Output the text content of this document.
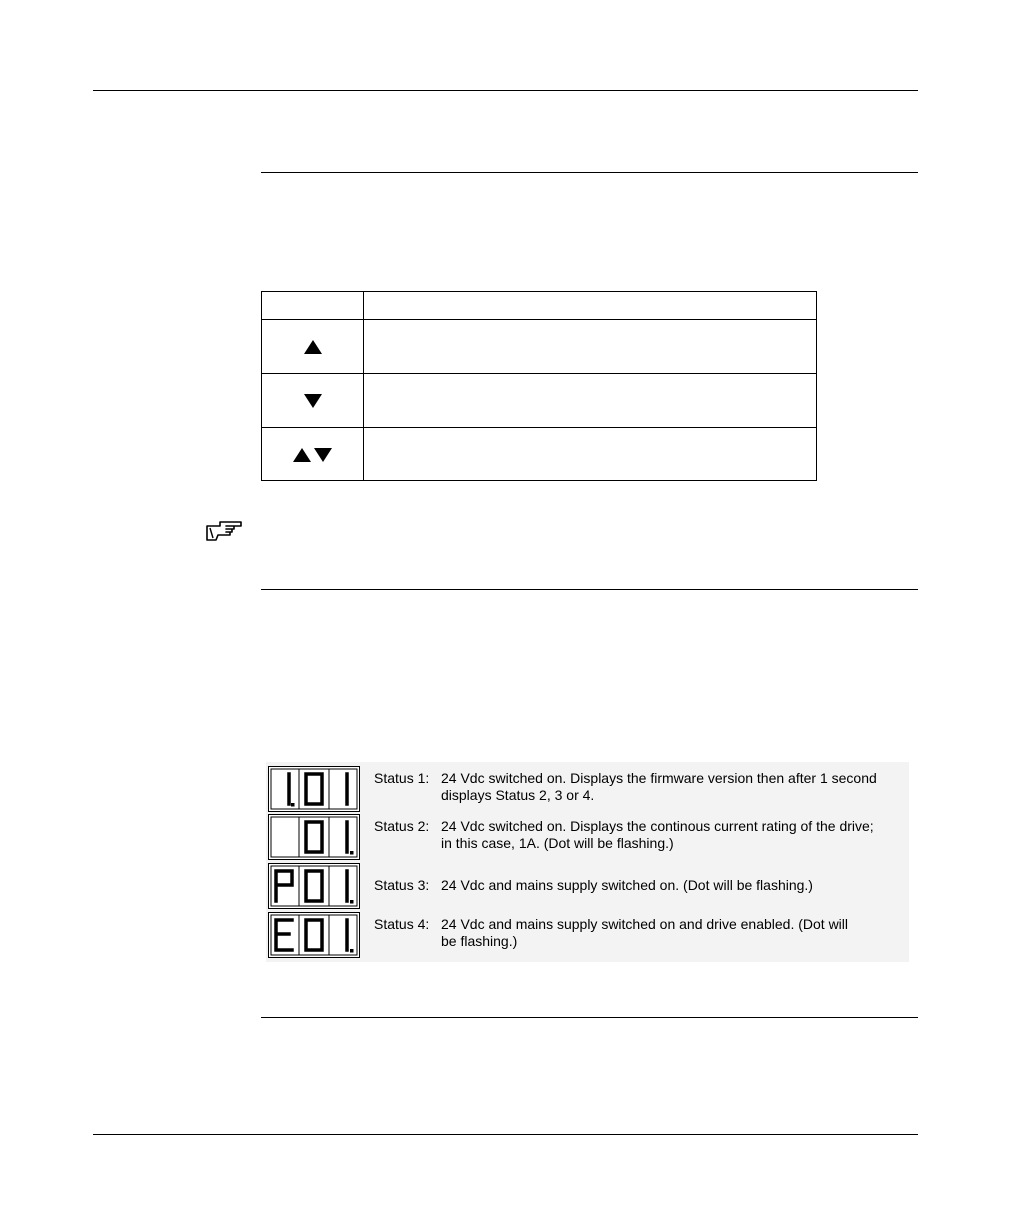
Status 1: 24 Vdc switched on. Displays the firmware version then after 1 second
displays Status 2, 3 or 4.
Status 2: 24 Vdc switched on. Displays the continous current rating of the drive;
in this case, 1A. (Dot will be flashing.)
Status 3: 24 Vdc and mains supply switched on. (Dot will be flashing.)
Status 4: 24 Vdc and mains supply switched on and drive enabled. (Dot will
be flashing.)
